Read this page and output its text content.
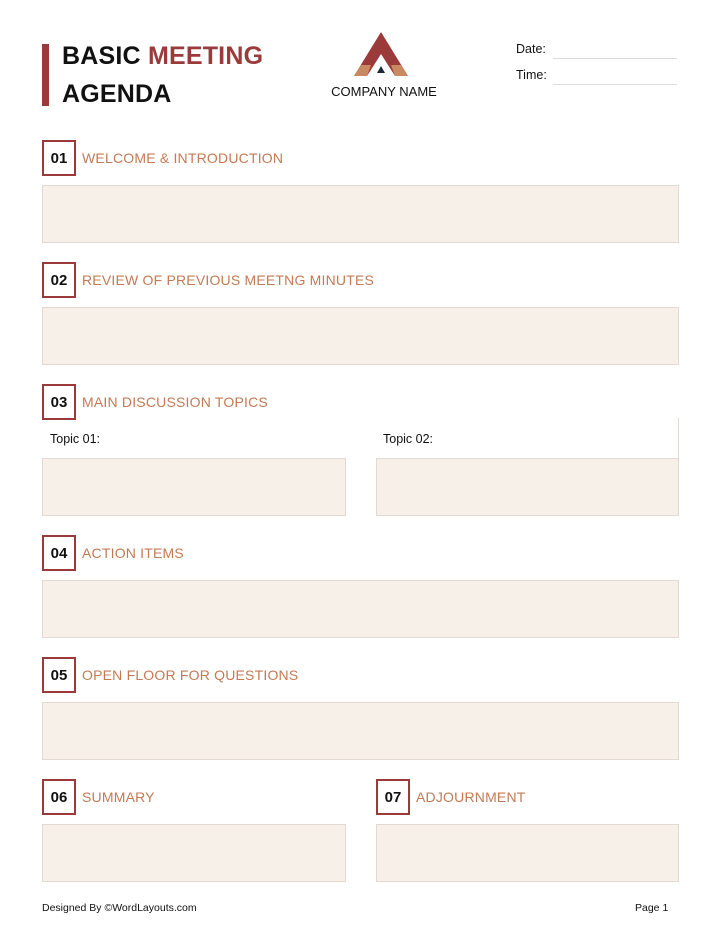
BASIC MEETING
AGENDA	COMPANY NAME
Date:
Time:
01	WELCOME & INTRODUCTION
02	REVIEW OF PREVIOUS MEETNG MINUTES
03	MAIN DISCUSSION TOPICS
Topic 01:	Topic 02:
04	ACTION ITEMS
05	OPEN FLOOR FOR QUESTIONS
06	SUMMARY	07	ADJOURNMENT
Designed By ©WordLayouts.com	Page 1
